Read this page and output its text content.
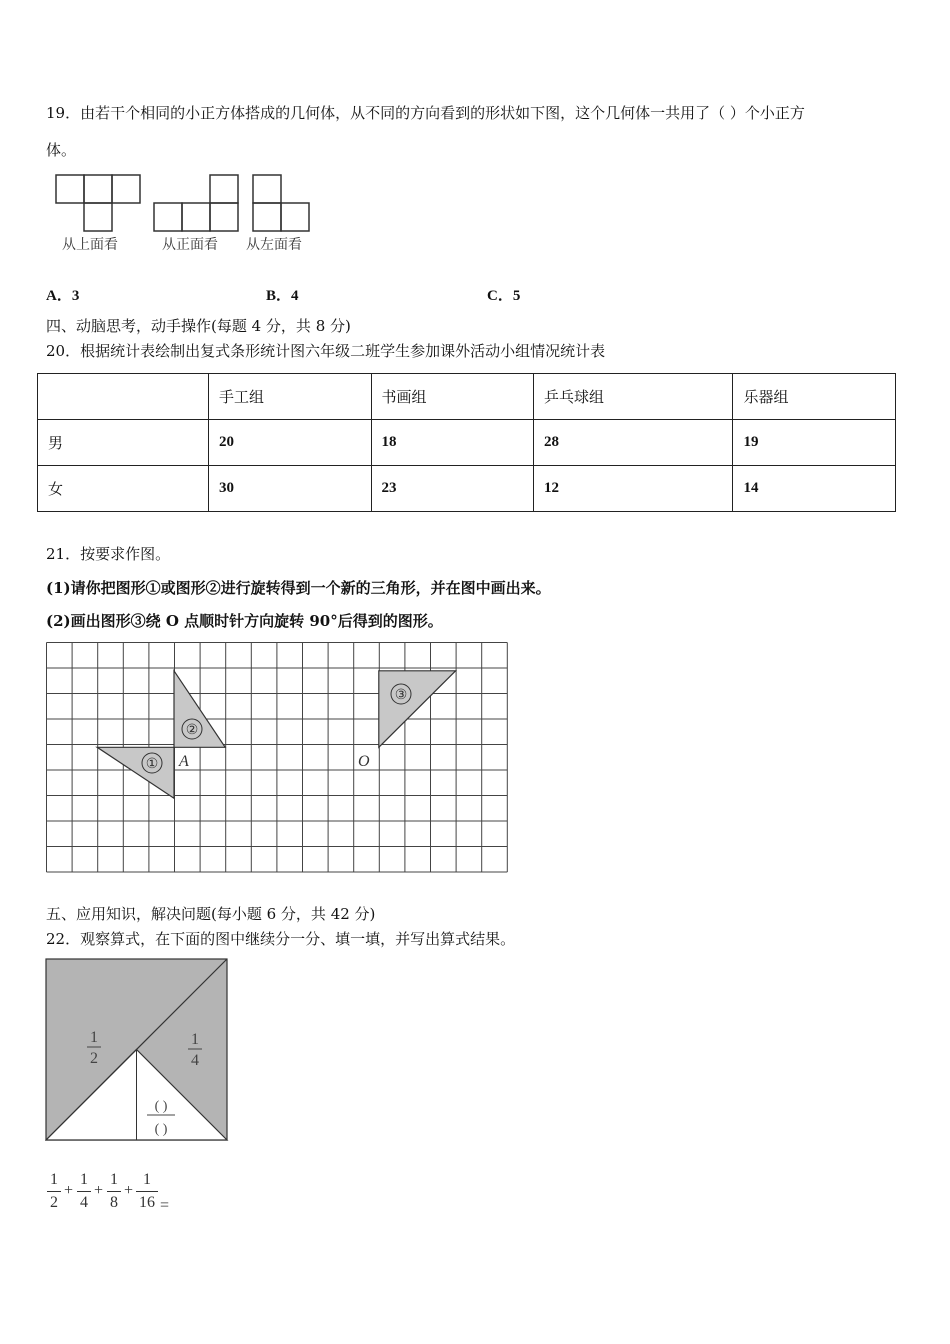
19．由若干个相同的小正方体搭成的几何体，从不同的方向看到的形状如下图，这个几何体一共用了（ ）个小正方
体。
从上面看	从正面看 从左面看
A．3	B．4	C．5
四、动脑思考，动手操作(每题 4 分，共 8 分)
20．根据统计表绘制出复式条形统计图六年级二班学生参加课外活动小组情况统计表
	手工组	书画组	乒乓球组	乐器组
男	20	18	28	19
女	30	23	12	14
21．按要求作图。
(1)请你把图形①或图形②进行旋转得到一个新的三角形，并在图中画出来。
(2)画出图形③绕 O 点顺时针方向旋转 90°后得到的图形。
①
②
③
A	O
五、应用知识，解决问题(每小题 6 分，共 42 分)
22．观察算式，在下面的图中继续分一分、填一填，并写出算式结果。
1
2
1
4
( )
( )
1
2
+
1
4
+
1
8
+
1
16 =
